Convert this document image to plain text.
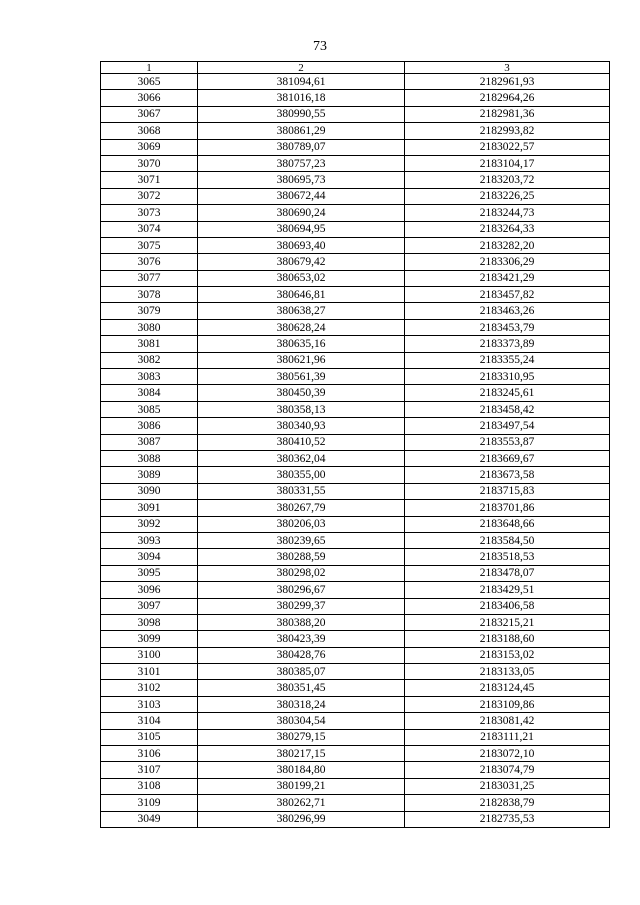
73
1	2	3
3065	381094,61	2182961,93
3066	381016,18	2182964,26
3067	380990,55	2182981,36
3068	380861,29	2182993,82
3069	380789,07	2183022,57
3070	380757,23	2183104,17
3071	380695,73	2183203,72
3072	380672,44	2183226,25
3073	380690,24	2183244,73
3074	380694,95	2183264,33
3075	380693,40	2183282,20
3076	380679,42	2183306,29
3077	380653,02	2183421,29
3078	380646,81	2183457,82
3079	380638,27	2183463,26
3080	380628,24	2183453,79
3081	380635,16	2183373,89
3082	380621,96	2183355,24
3083	380561,39	2183310,95
3084	380450,39	2183245,61
3085	380358,13	2183458,42
3086	380340,93	2183497,54
3087	380410,52	2183553,87
3088	380362,04	2183669,67
3089	380355,00	2183673,58
3090	380331,55	2183715,83
3091	380267,79	2183701,86
3092	380206,03	2183648,66
3093	380239,65	2183584,50
3094	380288,59	2183518,53
3095	380298,02	2183478,07
3096	380296,67	2183429,51
3097	380299,37	2183406,58
3098	380388,20	2183215,21
3099	380423,39	2183188,60
3100	380428,76	2183153,02
3101	380385,07	2183133,05
3102	380351,45	2183124,45
3103	380318,24	2183109,86
3104	380304,54	2183081,42
3105	380279,15	2183111,21
3106	380217,15	2183072,10
3107	380184,80	2183074,79
3108	380199,21	2183031,25
3109	380262,71	2182838,79
3049	380296,99	2182735,53
